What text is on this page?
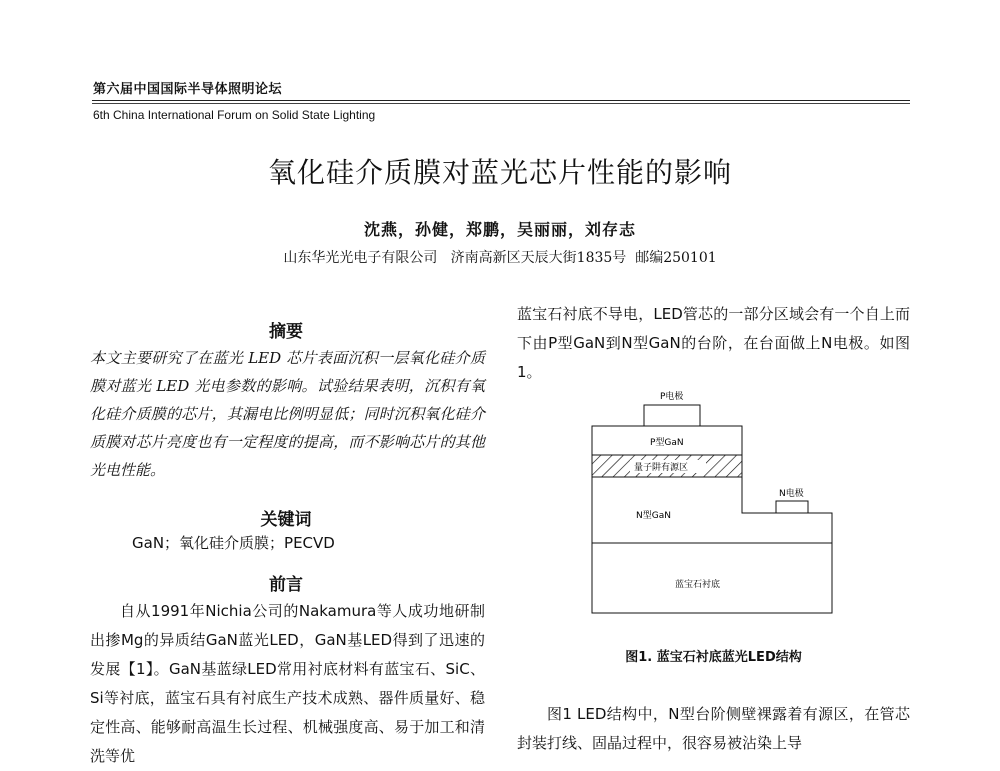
第六届中国国际半导体照明论坛
6th China International Forum on Solid State Lighting
氧化硅介质膜对蓝光芯片性能的影响
沈燕，孙健，郑鹏，吴丽丽，刘存志
山东华光光电子有限公司   济南高新区天辰大街1835号  邮编250101
摘要
本文主要研究了在蓝光 LED 芯片表面沉积一层氧化硅介质膜对蓝光 LED 光电参数的影响。试验结果表明，沉积有氧化硅介质膜的芯片，其漏电比例明显低；同时沉积氧化硅介质膜对芯片亮度也有一定程度的提高，而不影响芯片的其他光电性能。
关键词
GaN；氧化硅介质膜；PECVD
前言

自从1991年Nichia公司的Nakamura等人成功地研制出掺Mg的异质结GaN蓝光LED，GaN基LED得到了迅速的发展【1】。GaN基蓝绿LED常用衬底材料有蓝宝石、SiC、Si等衬底，蓝宝石具有衬底生产技术成熟、器件质量好、稳定性高、能够耐高温生长过程、机械强度高、易于加工和清洗等优

蓝宝石衬底不导电，LED管芯的一部分区域会有一个自上而下由P型GaN到N型GaN的台阶，在台面做上N电极。如图1。
P电极
P型GaN
量子阱有源区
N型GaN
N电极
蓝宝石衬底
图1. 蓝宝石衬底蓝光LED结构
图1 LED结构中，N型台阶侧壁裸露着有源区，在管芯封装打线、固晶过程中，很容易被沾染上导
